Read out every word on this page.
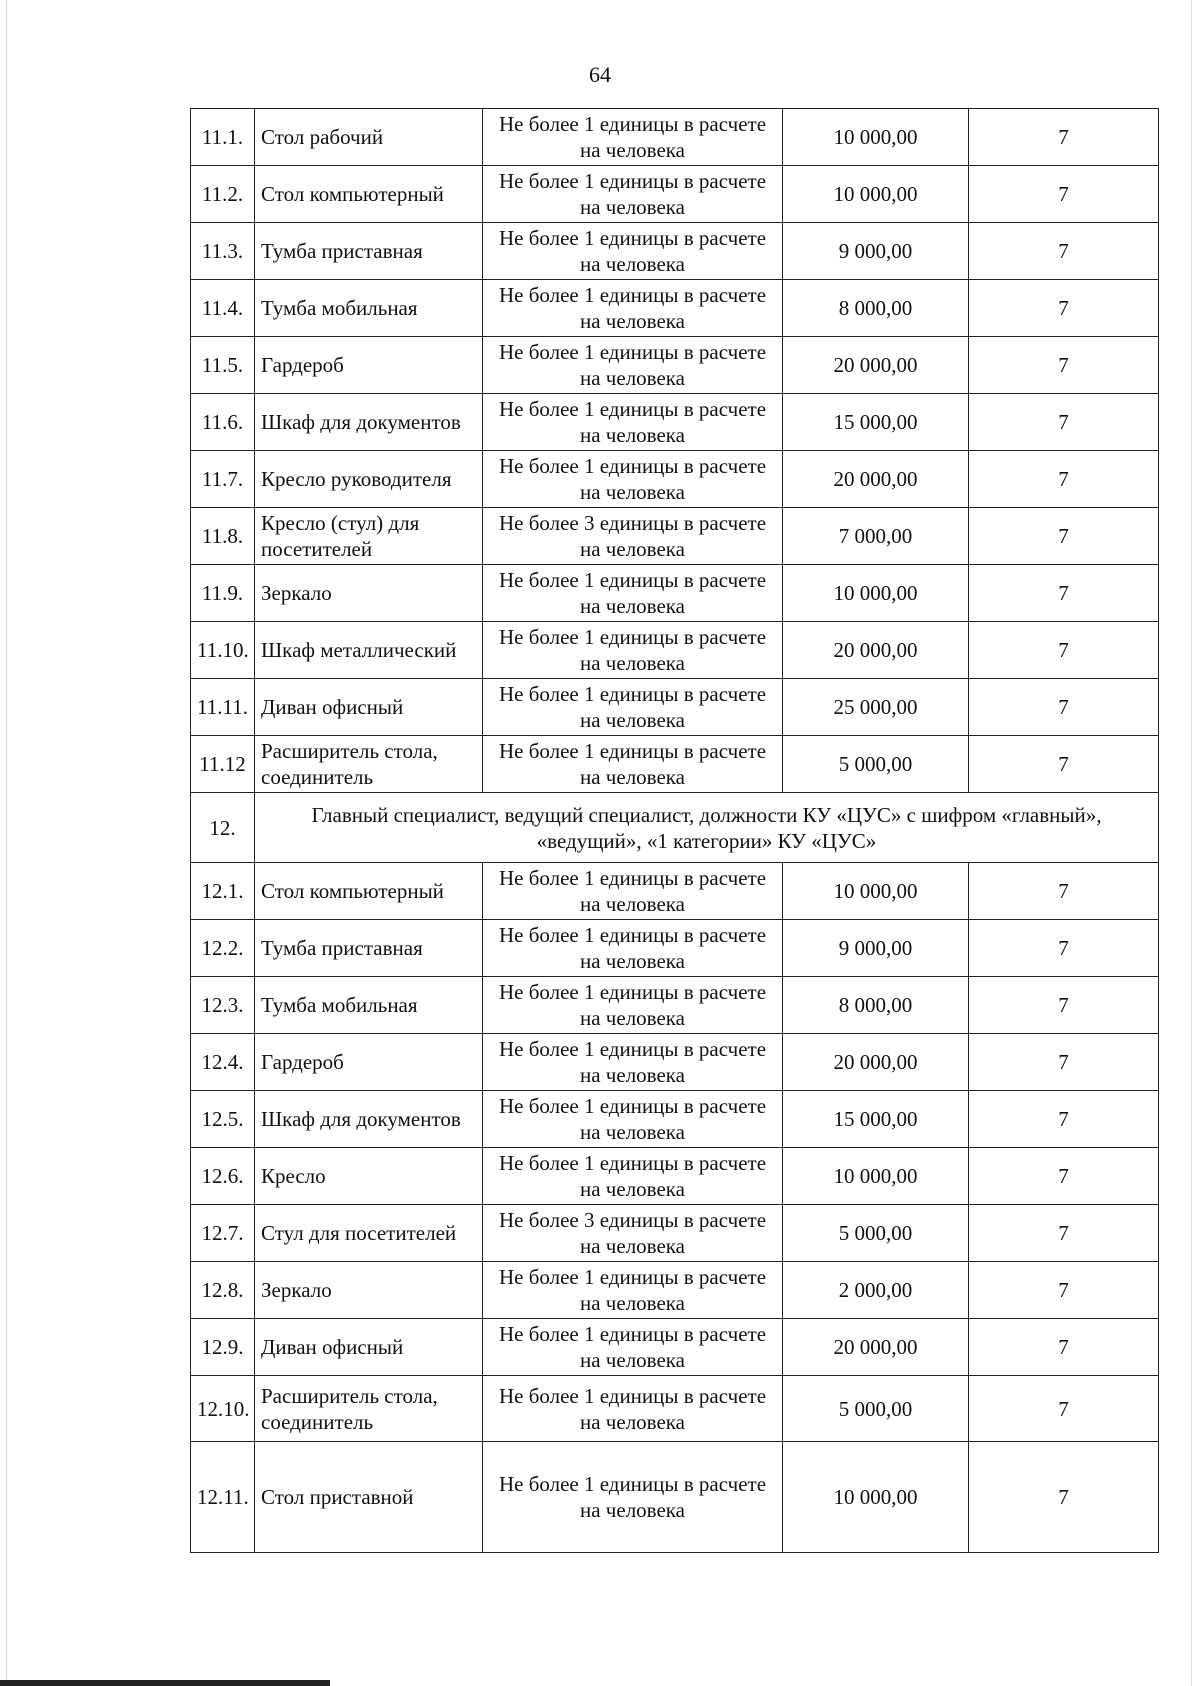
64
11.1.	Стол рабочий	Не более 1 единицы в расчете на человека	10 000,00	7
11.2.	Стол компьютерный	Не более 1 единицы в расчете на человека	10 000,00	7
11.3.	Тумба приставная	Не более 1 единицы в расчете на человека	9 000,00	7
11.4.	Тумба мобильная	Не более 1 единицы в расчете на человека	8 000,00	7
11.5.	Гардероб	Не более 1 единицы в расчете на человека	20 000,00	7
11.6.	Шкаф для документов	Не более 1 единицы в расчете на человека	15 000,00	7
11.7.	Кресло руководителя	Не более 1 единицы в расчете на человека	20 000,00	7
11.8.	Кресло (стул) для посетителей	Не более 3 единицы в расчете на человека	7 000,00	7
11.9.	Зеркало	Не более 1 единицы в расчете на человека	10 000,00	7
11.10.	Шкаф металлический	Не более 1 единицы в расчете на человека	20 000,00	7
11.11.	Диван офисный	Не более 1 единицы в расчете на человека	25 000,00	7
11.12	Расширитель стола, соединитель	Не более 1 единицы в расчете на человека	5 000,00	7
12.	Главный специалист, ведущий специалист, должности КУ «ЦУС» с шифром «главный», «ведущий», «1 категории» КУ «ЦУС»			
12.1.	Стол компьютерный	Не более 1 единицы в расчете на человека	10 000,00	7
12.2.	Тумба приставная	Не более 1 единицы в расчете на человека	9 000,00	7
12.3.	Тумба мобильная	Не более 1 единицы в расчете на человека	8 000,00	7
12.4.	Гардероб	Не более 1 единицы в расчете на человека	20 000,00	7
12.5.	Шкаф для документов	Не более 1 единицы в расчете на человека	15 000,00	7
12.6.	Кресло	Не более 1 единицы в расчете на человека	10 000,00	7
12.7.	Стул для посетителей	Не более 3 единицы в расчете на человека	5 000,00	7
12.8.	Зеркало	Не более 1 единицы в расчете на человека	2 000,00	7
12.9.	Диван офисный	Не более 1 единицы в расчете на человека	20 000,00	7
12.10.	Расширитель стола, соединитель	Не более 1 единицы в расчете на человека	5 000,00	7
12.11.	Стол приставной	Не более 1 единицы в расчете на человека	10 000,00	7
